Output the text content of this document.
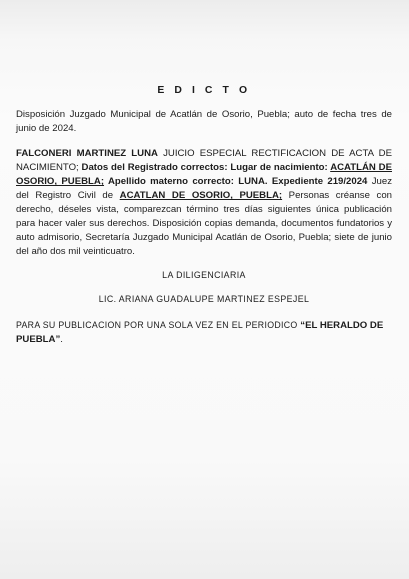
E D I C T O

Disposición Juzgado Municipal de Acatlán de Osorio, Puebla; auto de fecha tres de junio de 2024.

FALCONERI MARTINEZ LUNA JUICIO ESPECIAL RECTIFICACION DE ACTA DE NACIMIENTO; Datos del Registrado correctos: Lugar de nacimiento: ACATLÁN DE OSORIO, PUEBLA; Apellido materno correcto: LUNA. Expediente 219/2024 Juez del Registro Civil de ACATLAN DE OSORIO, PUEBLA; Personas créanse con derecho, déseles vista, comparezcan término tres días siguientes única publicación para hacer valer sus derechos. Disposición copias demanda, documentos fundatorios y auto admisorio, Secretaría Juzgado Municipal Acatlán de Osorio, Puebla; siete de junio del año dos mil veinticuatro.

LA DILIGENCIARIA

LIC. ARIANA GUADALUPE MARTINEZ ESPEJEL

PARA SU PUBLICACION POR UNA SOLA VEZ EN EL PERIODICO “EL HERALDO DE PUEBLA”.
